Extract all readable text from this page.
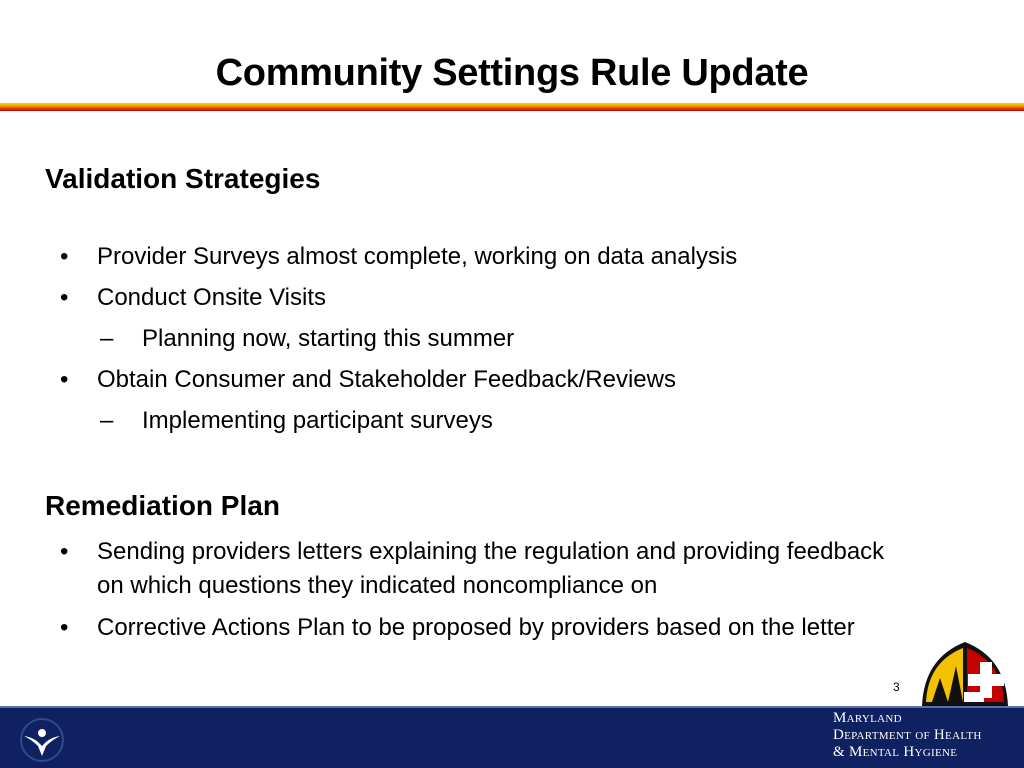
Community Settings Rule Update
Validation Strategies
•	Provider Surveys almost complete, working on data analysis
•	Conduct Onsite Visits
– Planning now, starting this summer
•	Obtain Consumer and Stakeholder Feedback/Reviews
– Implementing participant surveys
Remediation Plan
•	Sending providers letters explaining the regulation and providing feedback
on which questions they indicated noncompliance on
•	Corrective Actions Plan to be proposed by providers based on the letter
3
Maryland
Department of Health
& Mental Hygiene
